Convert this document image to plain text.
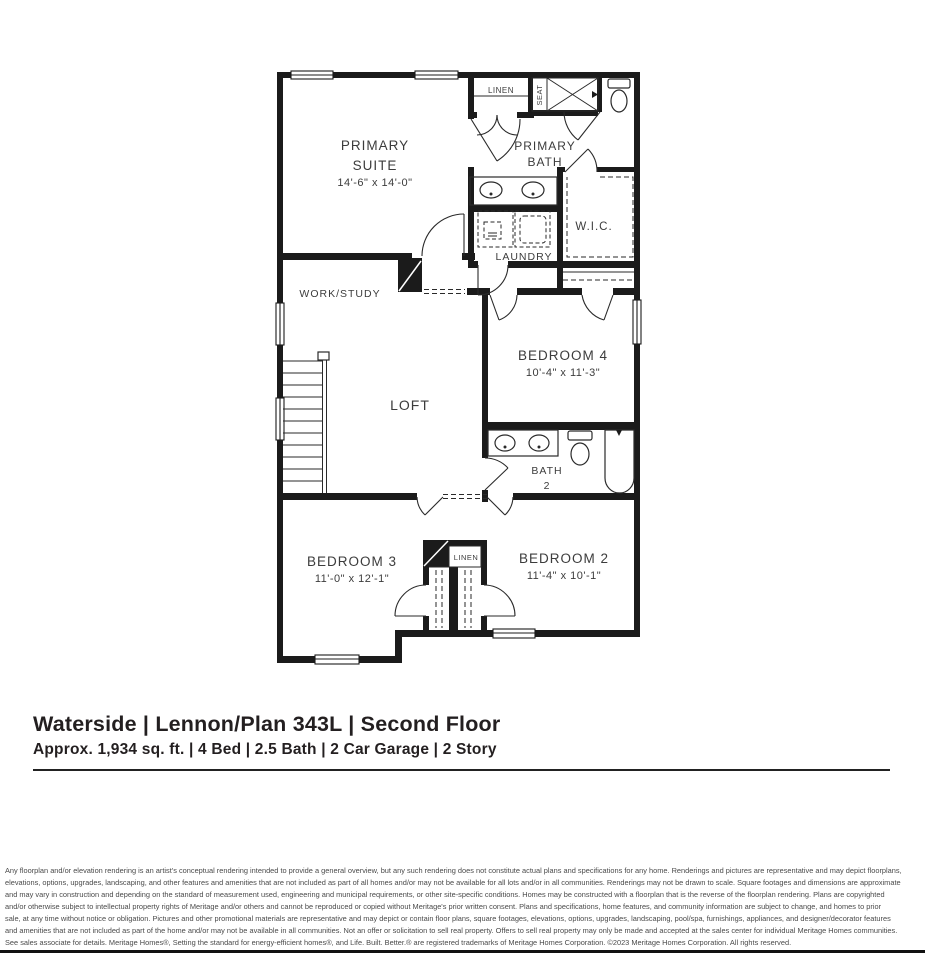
PRIMARY
SUITE
14'-6" x 14'-0"
PRIMARY
BATH
LINEN	SEAT
W.I.C.
LAUNDRY
WORK/STUDY
LOFT
BEDROOM 4
10'-4" x 11'-3"
BATH
2
BEDROOM 3
11'-0" x 12'-1"
BEDROOM 2
11'-4" x 10'-1"
LINEN
Waterside | Lennon/Plan 343L | Second Floor
Approx. 1,934 sq. ft. | 4 Bed | 2.5 Bath | 2 Car Garage | 2 Story
Any floorplan and/or elevation rendering is an artist's conceptual rendering intended to provide a general overview, but any such rendering does not constitute actual plans and specifications for any home. Renderings and pictures are representative and may depict floorplans,
elevations, options, upgrades, landscaping, and other features and amenities that are not included as part of all homes and/or may not be available for all lots and/or in all communities. Renderings may not be drawn to scale. Square footages and dimensions are approximate
and may vary in construction and depending on the standard of measurement used, engineering and municipal requirements, or other site-specific conditions. Homes may be constructed with a floorplan that is the reverse of the floorplan rendering. Plans are copyrighted
and/or otherwise subject to intellectual property rights of Meritage and/or others and cannot be reproduced or copied without Meritage's prior written consent. Plans and specifications, home features, and community information are subject to change, and homes to prior
sale, at any time without notice or obligation. Pictures and other promotional materials are representative and may depict or contain floor plans, square footages, elevations, options, upgrades, landscaping, pool/spa, furnishings, appliances, and designer/decorator features
and amenities that are not included as part of the home and/or may not be available in all communities. Not an offer or solicitation to sell real property. Offers to sell real property may only be made and accepted at the sales center for individual Meritage Homes communities.
See sales associate for details. Meritage Homes®, Setting the standard for energy-efficient homes®, and Life. Built. Better.® are registered trademarks of Meritage Homes Corporation. ©2023 Meritage Homes Corporation. All rights reserved.
